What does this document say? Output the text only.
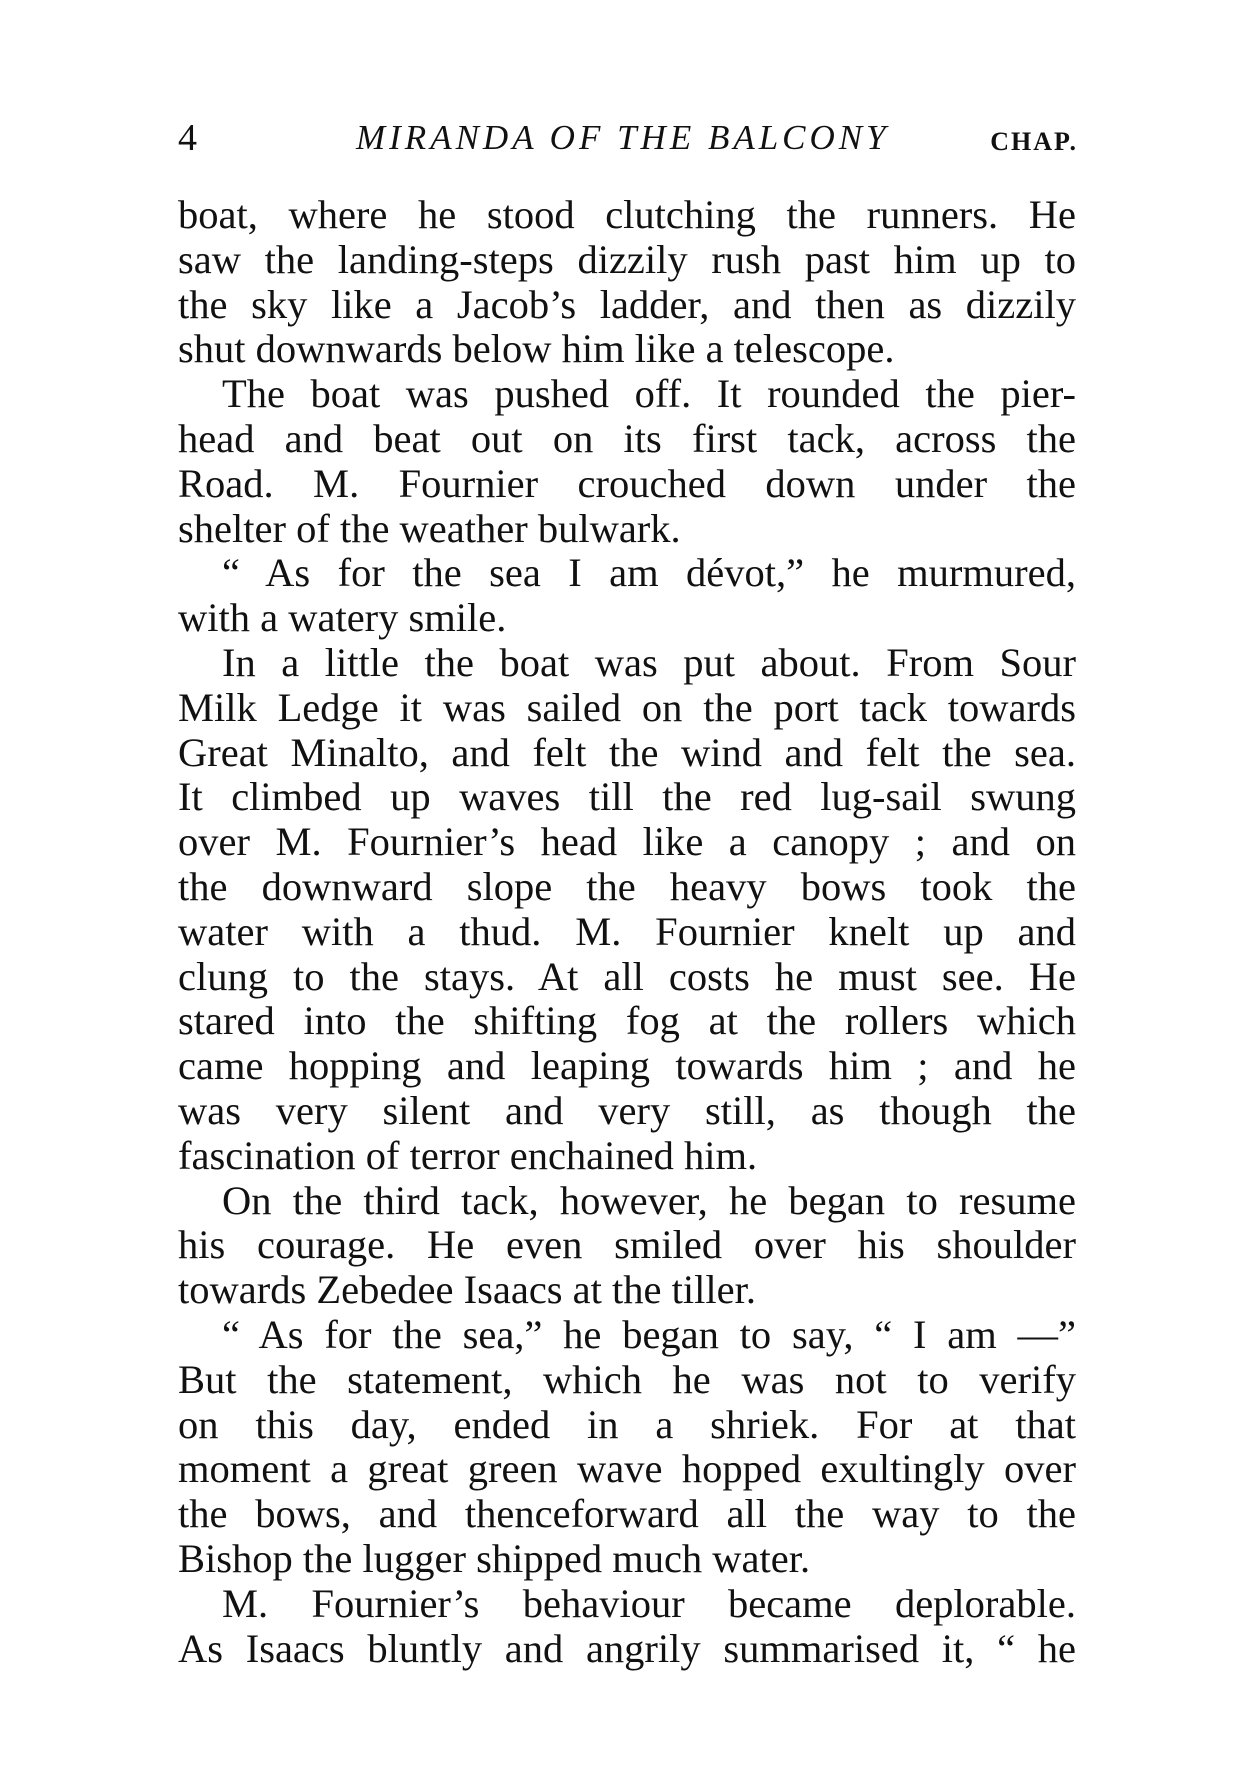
4	MIRANDA OF THE BALCONY	CHAP.
boat, where he stood clutching the runners. He
saw the landing-steps dizzily rush past him up to
the sky like a Jacob’s ladder, and then as dizzily
shut downwards below him like a telescope.
The boat was pushed off. It rounded the pier-
head and beat out on its first tack, across the
Road. M. Fournier crouched down under the
shelter of the weather bulwark.
“ As for the sea I am dévot,” he murmured,
with a watery smile.
In a little the boat was put about. From Sour
Milk Ledge it was sailed on the port tack towards
Great Minalto, and felt the wind and felt the sea.
It climbed up waves till the red lug-sail swung
over M. Fournier’s head like a canopy ; and on
the downward slope the heavy bows took the
water with a thud. M. Fournier knelt up and
clung to the stays. At all costs he must see. He
stared into the shifting fog at the rollers which
came hopping and leaping towards him ; and he
was very silent and very still, as though the
fascination of terror enchained him.
On the third tack, however, he began to resume
his courage. He even smiled over his shoulder
towards Zebedee Isaacs at the tiller.
“ As for the sea,” he began to say, “ I am —”
But the statement, which he was not to verify
on this day, ended in a shriek. For at that
moment a great green wave hopped exultingly over
the bows, and thenceforward all the way to the
Bishop the lugger shipped much water.
M. Fournier’s behaviour became deplorable.
As Isaacs bluntly and angrily summarised it, “ he
